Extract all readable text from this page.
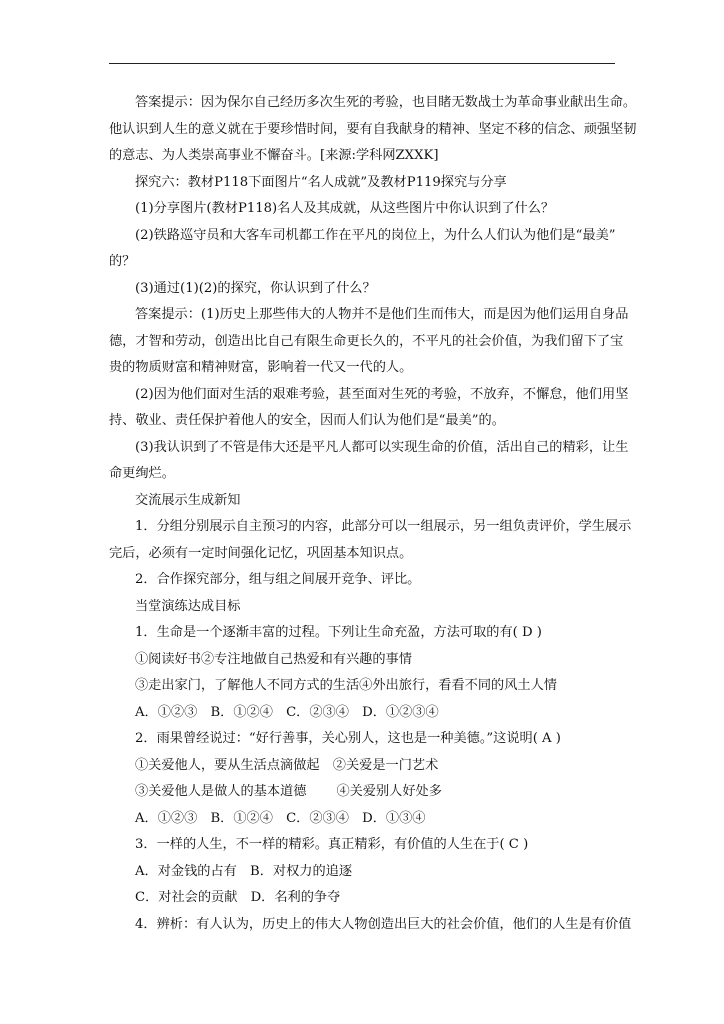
答案提示：因为保尔自己经历多次生死的考验，也目睹无数战士为革命事业献出生命。

他认识到人生的意义就在于要珍惜时间，要有自我献身的精神、坚定不移的信念、顽强坚韧

的意志、为人类崇高事业不懈奋斗。[来源:学科网ZXXK]

探究六：教材P118下面图片“名人成就”及教材P119探究与分享

(1)分享图片(教材P118)名人及其成就，从这些图片中你认识到了什么？

(2)铁路巡守员和大客车司机都工作在平凡的岗位上，为什么人们认为他们是“最美”

的？

(3)通过(1)(2)的探究，你认识到了什么？

答案提示：(1)历史上那些伟大的人物并不是他们生而伟大，而是因为他们运用自身品

德，才智和劳动，创造出比自己有限生命更长久的，不平凡的社会价值，为我们留下了宝

贵的物质财富和精神财富，影响着一代又一代的人。

(2)因为他们面对生活的艰难考验，甚至面对生死的考验，不放弃，不懈怠，他们用坚

持、敬业、责任保护着他人的安全，因而人们认为他们是“最美”的。

(3)我认识到了不管是伟大还是平凡人都可以实现生命的价值，活出自己的精彩，让生

命更绚烂。

交流展示生成新知

1．分组分别展示自主预习的内容，此部分可以一组展示，另一组负责评价，学生展示

完后，必须有一定时间强化记忆，巩固基本知识点。

2．合作探究部分，组与组之间展开竞争、评比。

当堂演练达成目标

1．生命是一个逐渐丰富的过程。下列让生命充盈，方法可取的有( D )

①阅读好书②专注地做自己热爱和有兴趣的事情

③走出家门，了解他人不同方式的生活④外出旅行，看看不同的风土人情

A．①②③　B．①②④　C．②③④　D．①②③④

2．雨果曾经说过：“好行善事，关心别人，这也是一种美德。”这说明( A )

①关爱他人，要从生活点滴做起　②关爱是一门艺术

③关爱他人是做人的基本道德 ④关爱别人好处多

A．①②③　B．①②④　C．②③④　D．①③④

3．一样的人生，不一样的精彩。真正精彩，有价值的人生在于( C )

A．对金钱的占有　B．对权力的追逐

C．对社会的贡献　D．名利的争夺

4．辨析：有人认为，历史上的伟大人物创造出巨大的社会价值，他们的人生是有价值
